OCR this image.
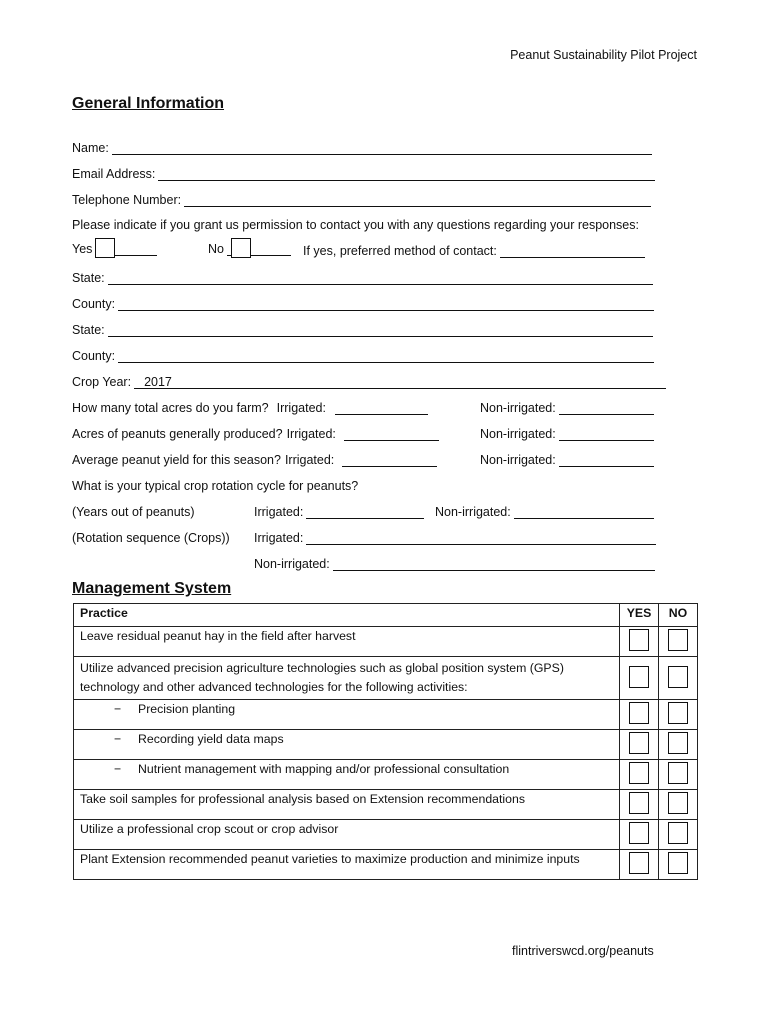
Peanut Sustainability Pilot Project
General Information
Name:
Email Address:
Telephone Number:
Please indicate if you grant us permission to contact you with any questions regarding your responses:
Yes	No	If yes, preferred method of contact:
State:
County:
State:
County:
Crop Year:	2017
How many total acres do you farm? Irrigated:	Non-irrigated:
Acres of peanuts generally produced? Irrigated:	Non-irrigated:
Average peanut yield for this season? Irrigated:	Non-irrigated:
What is your typical crop rotation cycle for peanuts?
(Years out of peanuts)	Irrigated:	Non-irrigated:
(Rotation sequence (Crops)) Irrigated:
Non-irrigated:
Management System
Practice	YES	NO
Leave residual peanut hay in the field after harvest		
Utilize advanced precision agriculture technologies such as global position system (GPS) technology and other advanced technologies for the following activities:		
− Precision planting		
− Recording yield data maps		
− Nutrient management with mapping and/or professional consultation		
Take soil samples for professional analysis based on Extension recommendations		
Utilize a professional crop scout or crop advisor		
Plant Extension recommended peanut varieties to maximize production and minimize inputs		
flintriverswcd.org/peanuts
